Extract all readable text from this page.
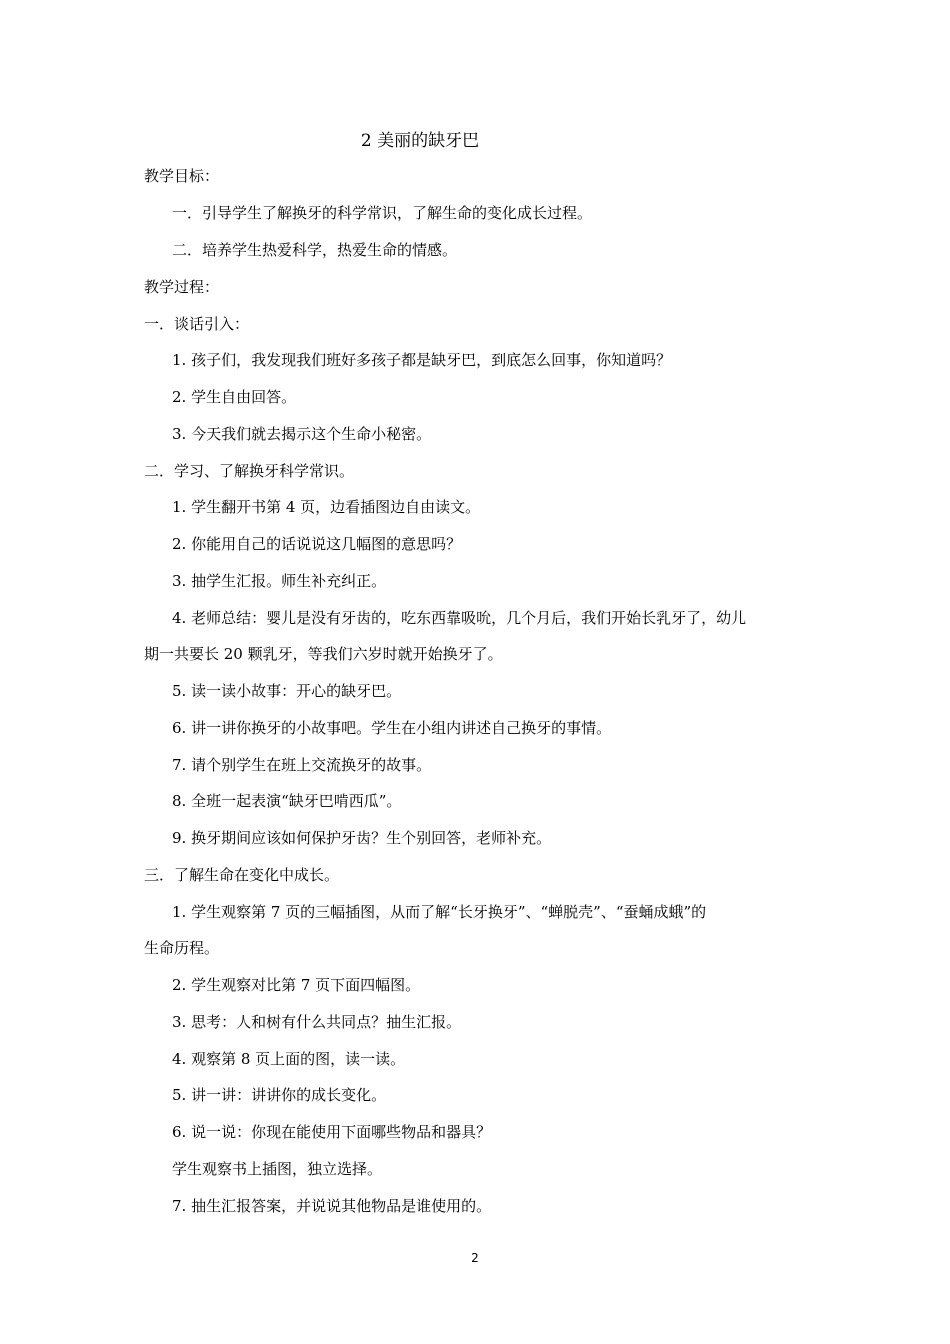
2 美丽的缺牙巴
教学目标：
一．引导学生了解换牙的科学常识，了解生命的变化成长过程。
二．培养学生热爱科学，热爱生命的情感。
教学过程：
一．谈话引入：
1. 孩子们，我发现我们班好多孩子都是缺牙巴，到底怎么回事，你知道吗？
2. 学生自由回答。
3. 今天我们就去揭示这个生命小秘密。
二．学习、了解换牙科学常识。
1. 学生翻开书第 4 页，边看插图边自由读文。
2. 你能用自己的话说说这几幅图的意思吗？
3. 抽学生汇报。师生补充纠正。
4. 老师总结：婴儿是没有牙齿的，吃东西靠吸吮，几个月后，我们开始长乳牙了，幼儿
期一共要长 20 颗乳牙，等我们六岁时就开始换牙了。
5. 读一读小故事：开心的缺牙巴。
6. 讲一讲你换牙的小故事吧。学生在小组内讲述自己换牙的事情。
7. 请个别学生在班上交流换牙的故事。
8. 全班一起表演“缺牙巴啃西瓜”。
9. 换牙期间应该如何保护牙齿？生个别回答，老师补充。
三．了解生命在变化中成长。
1. 学生观察第 7 页的三幅插图，从而了解“长牙换牙”、“蝉脱壳”、“蚕蛹成蛾”的
生命历程。
2. 学生观察对比第 7 页下面四幅图。
3. 思考：人和树有什么共同点？抽生汇报。
4. 观察第 8 页上面的图，读一读。
5. 讲一讲：讲讲你的成长变化。
6. 说一说：你现在能使用下面哪些物品和器具？
学生观察书上插图，独立选择。
7. 抽生汇报答案，并说说其他物品是谁使用的。
2
